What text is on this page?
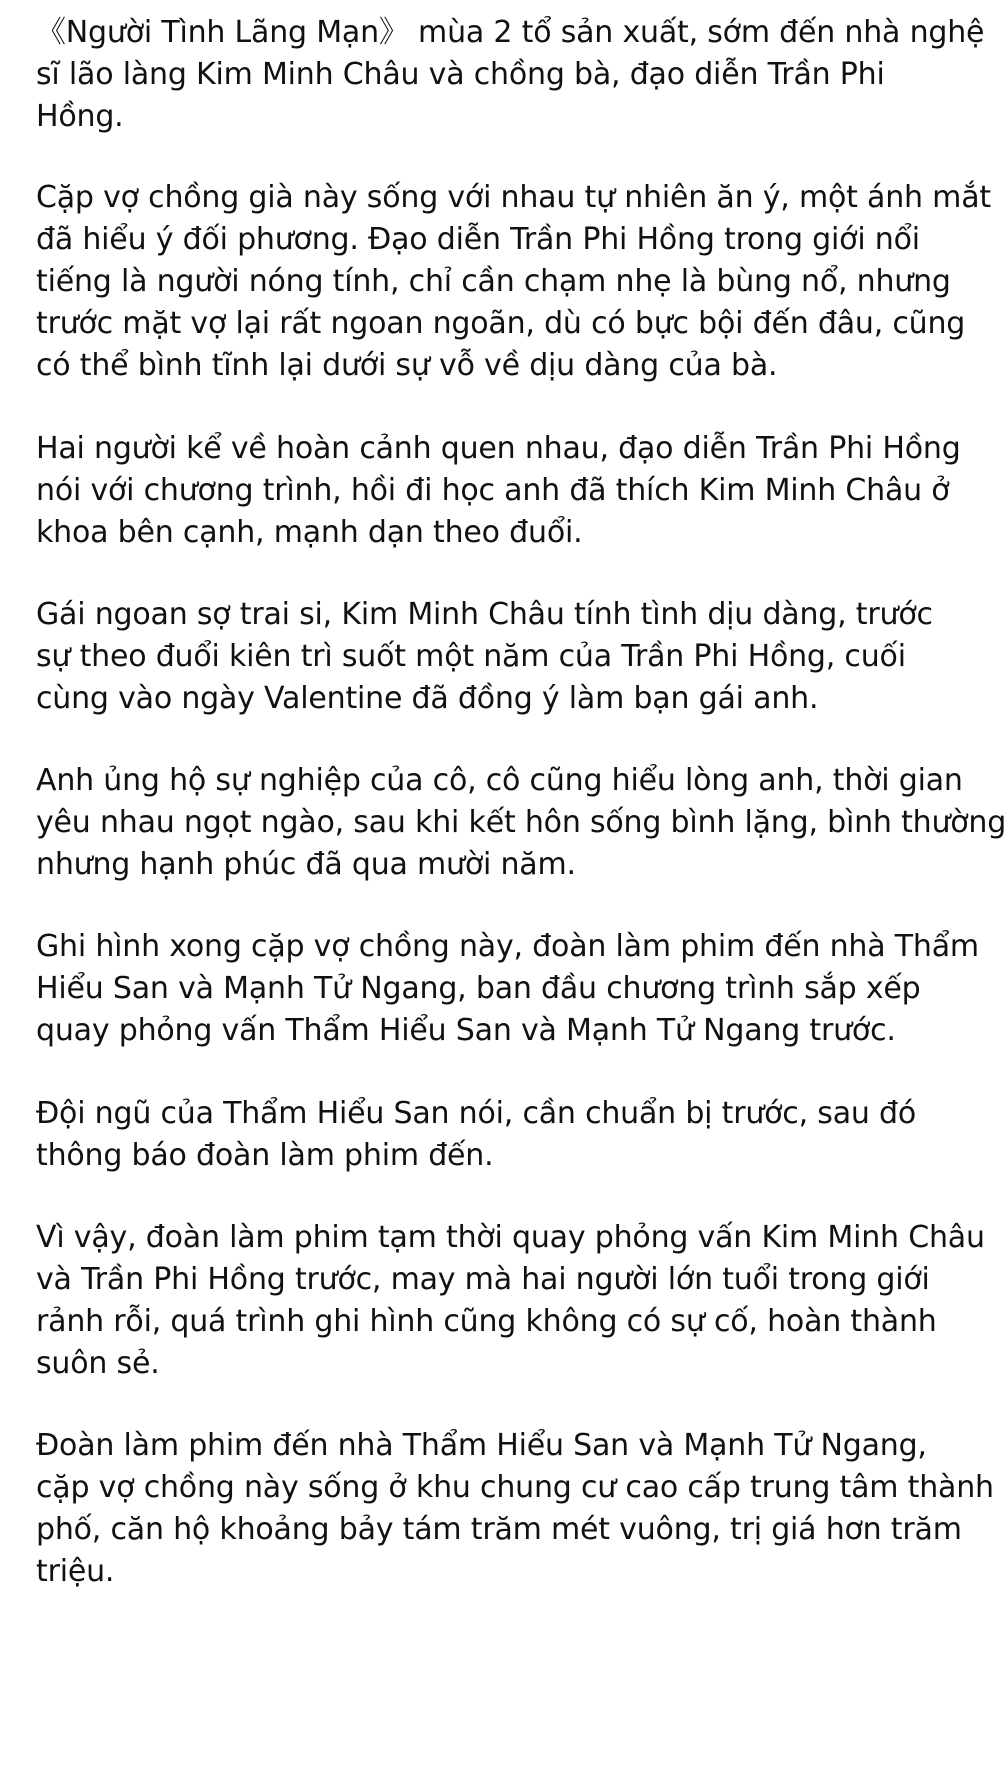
《Người Tình Lãng Mạn》 mùa 2 tổ sản xuất, sớm đến nhà nghệ
sĩ lão làng Kim Minh Châu và chồng bà, đạo diễn Trần Phi
Hồng.
Cặp vợ chồng già này sống với nhau tự nhiên ăn ý, một ánh mắt
đã hiểu ý đối phương. Đạo diễn Trần Phi Hồng trong giới nổi
tiếng là người nóng tính, chỉ cần chạm nhẹ là bùng nổ, nhưng
trước mặt vợ lại rất ngoan ngoãn, dù có bực bội đến đâu, cũng
có thể bình tĩnh lại dưới sự vỗ về dịu dàng của bà.
Hai người kể về hoàn cảnh quen nhau, đạo diễn Trần Phi Hồng
nói với chương trình, hồi đi học anh đã thích Kim Minh Châu ở
khoa bên cạnh, mạnh dạn theo đuổi.
Gái ngoan sợ trai si, Kim Minh Châu tính tình dịu dàng, trước
sự theo đuổi kiên trì suốt một năm của Trần Phi Hồng, cuối
cùng vào ngày Valentine đã đồng ý làm bạn gái anh.
Anh ủng hộ sự nghiệp của cô, cô cũng hiểu lòng anh, thời gian
yêu nhau ngọt ngào, sau khi kết hôn sống bình lặng, bình thường
nhưng hạnh phúc đã qua mười năm.
Ghi hình xong cặp vợ chồng này, đoàn làm phim đến nhà Thẩm
Hiểu San và Mạnh Tử Ngang, ban đầu chương trình sắp xếp
quay phỏng vấn Thẩm Hiểu San và Mạnh Tử Ngang trước.
Đội ngũ của Thẩm Hiểu San nói, cần chuẩn bị trước, sau đó
thông báo đoàn làm phim đến.
Vì vậy, đoàn làm phim tạm thời quay phỏng vấn Kim Minh Châu
và Trần Phi Hồng trước, may mà hai người lớn tuổi trong giới
rảnh rỗi, quá trình ghi hình cũng không có sự cố, hoàn thành
suôn sẻ.
Đoàn làm phim đến nhà Thẩm Hiểu San và Mạnh Tử Ngang,
cặp vợ chồng này sống ở khu chung cư cao cấp trung tâm thành
phố, căn hộ khoảng bảy tám trăm mét vuông, trị giá hơn trăm
triệu.
